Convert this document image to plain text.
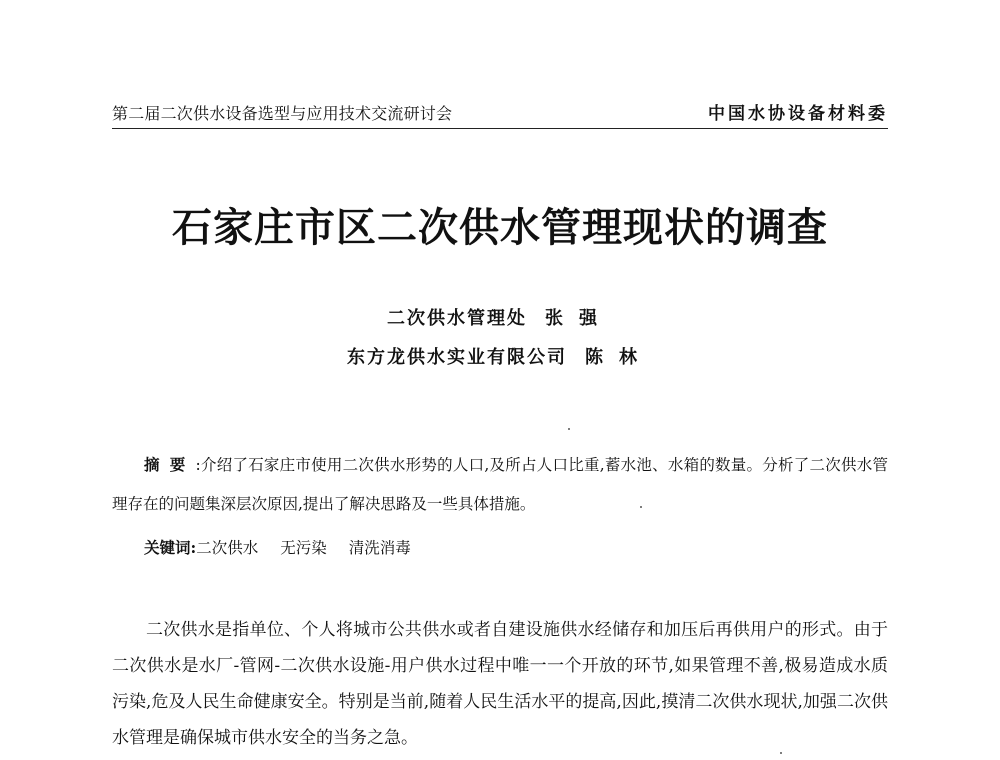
第二届二次供水设备选型与应用技术交流研讨会	中国水协设备材料委
石家庄市区二次供水管理现状的调查
二次供水管理处 张强
东方龙供水实业有限公司 陈林
摘要:介绍了石家庄市使用二次供水形势的人口,及所占人口比重,蓄水池、水箱的数量。分析了二次供水管理存在的问题集深层次原因,提出了解决思路及一些具体措施。
关键词:二次供水 无污染 清洗消毒
二次供水是指单位、个人将城市公共供水或者自建设施供水经储存和加压后再供用户的形式。由于二次供水是水厂-管网-二次供水设施-用户供水过程中唯一一个开放的环节,如果管理不善,极易造成水质污染,危及人民生命健康安全。特别是当前,随着人民生活水平的提高,因此,摸清二次供水现状,加强二次供水管理是确保城市供水安全的当务之急。
